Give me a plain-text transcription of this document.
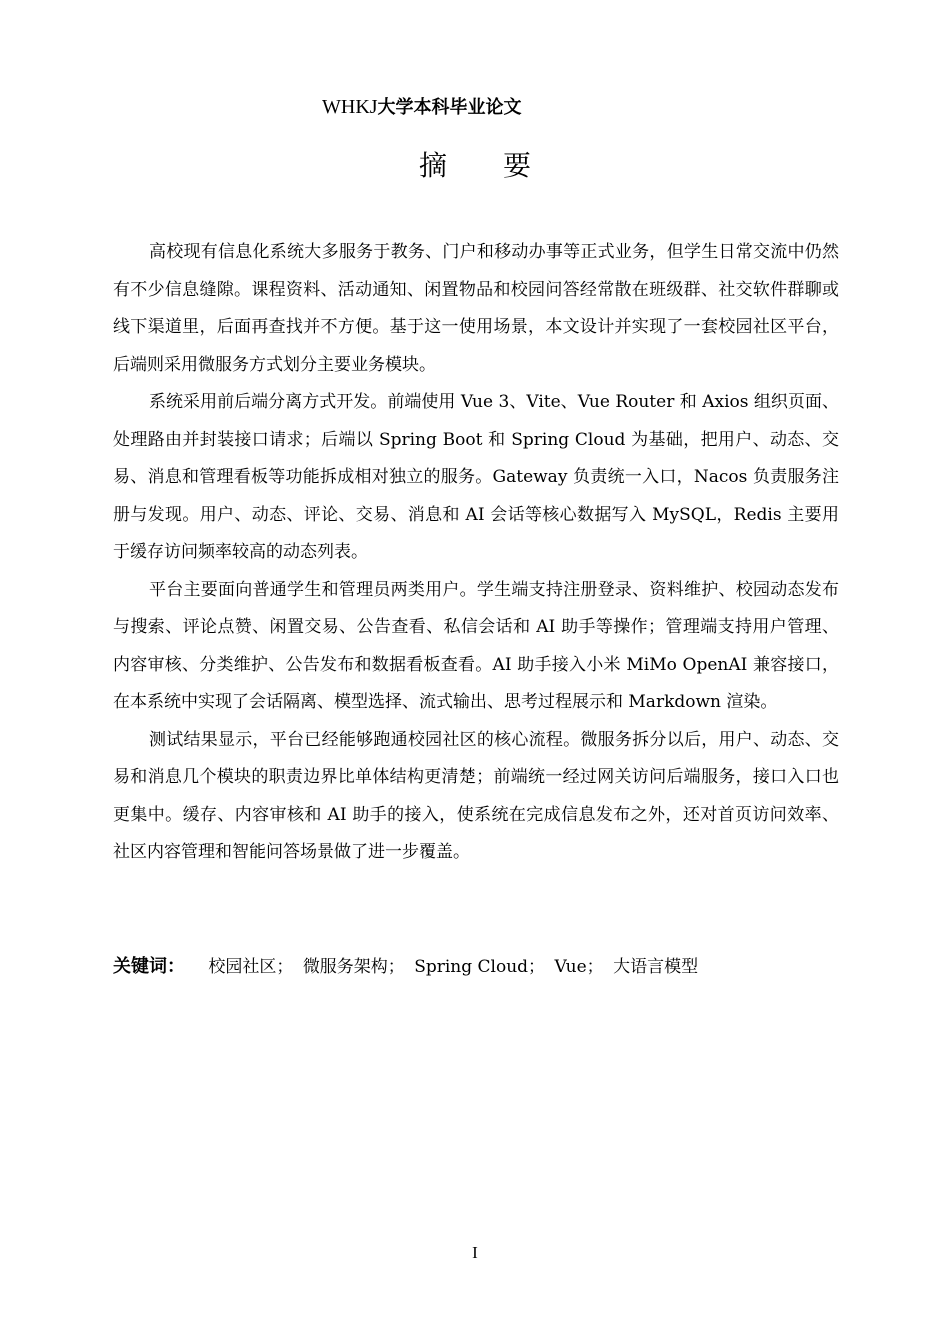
WHKJ大学本科毕业论文
摘 要

高校现有信息化系统大多服务于教务、门户和移动办事等正式业务，但学生日常交流中仍然有不少信息缝隙。课程资料、活动通知、闲置物品和校园问答经常散在班级群、社交软件群聊或线下渠道里，后面再查找并不方便。基于这一使用场景，本文设计并实现了一套校园社区平台，后端则采用微服务方式划分主要业务模块。

系统采用前后端分离方式开发。前端使用 Vue 3、Vite、Vue Router 和 Axios 组织页面、处理路由并封装接口请求；后端以 Spring Boot 和 Spring Cloud 为基础，把用户、动态、交易、消息和管理看板等功能拆成相对独立的服务。Gateway 负责统一入口，Nacos 负责服务注册与发现。用户、动态、评论、交易、消息和 AI 会话等核心数据写入 MySQL，Redis 主要用于缓存访问频率较高的动态列表。

平台主要面向普通学生和管理员两类用户。学生端支持注册登录、资料维护、校园动态发布与搜索、评论点赞、闲置交易、公告查看、私信会话和 AI 助手等操作；管理端支持用户管理、内容审核、分类维护、公告发布和数据看板查看。AI 助手接入小米 MiMo OpenAI 兼容接口，在本系统中实现了会话隔离、模型选择、流式输出、思考过程展示和 Markdown 渲染。

测试结果显示，平台已经能够跑通校园社区的核心流程。微服务拆分以后，用户、动态、交易和消息几个模块的职责边界比单体结构更清楚；前端统一经过网关访问后端服务，接口入口也更集中。缓存、内容审核和 AI 助手的接入，使系统在完成信息发布之外，还对首页访问效率、社区内容管理和智能问答场景做了进一步覆盖。

关键词： 校园社区； 微服务架构； Spring Cloud； Vue； 大语言模型
I
